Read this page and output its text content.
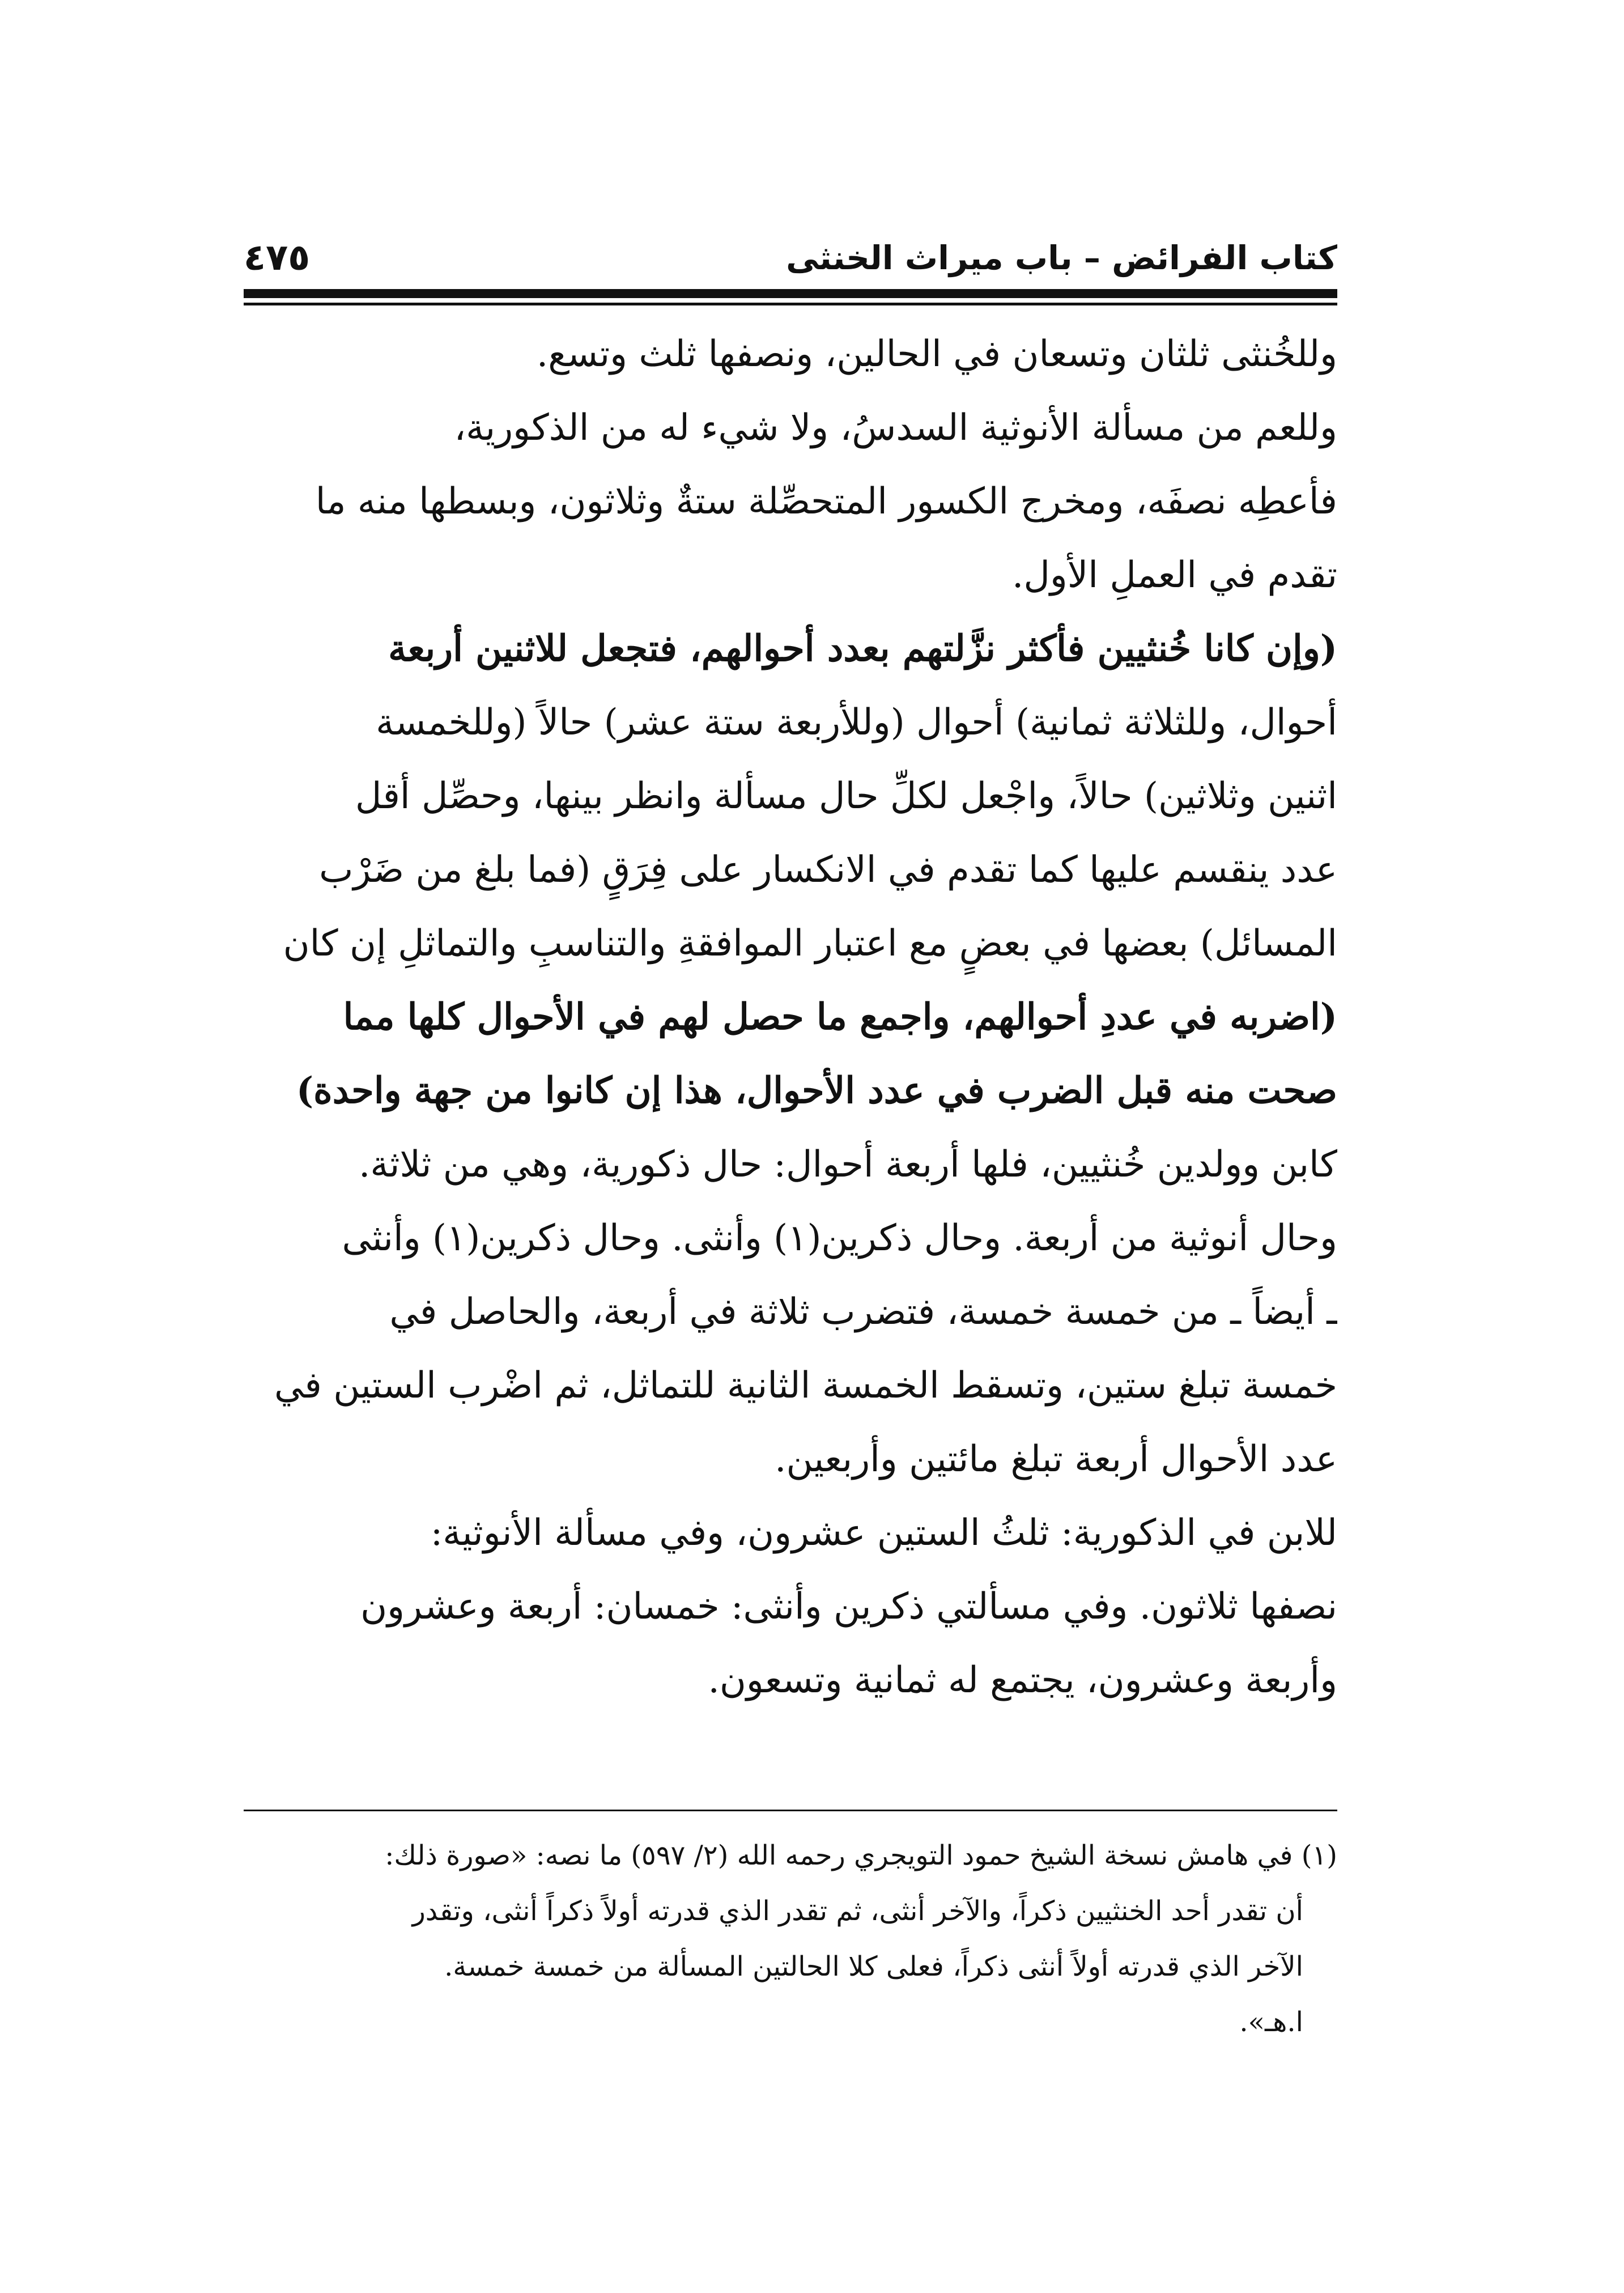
٤٧٥	كتاب الفرائض – باب ميراث الخنثى
وللخُنثى ثلثان وتسعان في الحالين، ونصفها ثلث وتسع.
وللعم من مسألة الأنوثية السدسُ، ولا شيء له من الذكورية،
فأعطِه نصفَه، ومخرج الكسور المتحصِّلة ستةٌ وثلاثون، وبسطها منه ما
تقدم في العملِ الأول.
(وإن كانا خُنثيين فأكثر نزَّلتهم بعدد أحوالهم، فتجعل للاثنين أربعة
أحوال، وللثلاثة ثمانية) أحوال (وللأربعة ستة عشر) حالاً (وللخمسة
اثنين وثلاثين) حالاً، واجْعل لكلِّ حال مسألة وانظر بينها، وحصِّل أقل
عدد ينقسم عليها كما تقدم في الانكسار على فِرَقٍ (فما بلغ من ضَرْب
المسائل) بعضها في بعضٍ مع اعتبار الموافقةِ والتناسبِ والتماثلِ إن كان
(اضربه في عددِ أحوالهم، واجمع ما حصل لهم في الأحوال كلها مما
صحت منه قبل الضرب في عدد الأحوال، هذا إن كانوا من جهة واحدة)
كابن وولدين خُنثيين، فلها أربعة أحوال: حال ذكورية، وهي من ثلاثة.
وحال أنوثية من أربعة. وحال ذكرين(١) وأنثى. وحال ذكرين(١) وأنثى
ـ أيضاً ـ من خمسة خمسة، فتضرب ثلاثة في أربعة، والحاصل في
خمسة تبلغ ستين، وتسقط الخمسة الثانية للتماثل، ثم اضْرب الستين في
عدد الأحوال أربعة تبلغ مائتين وأربعين.
للابن في الذكورية: ثلثُ الستين عشرون، وفي مسألة الأنوثية:
نصفها ثلاثون. وفي مسألتي ذكرين وأنثى: خمسان: أربعة وعشرون
وأربعة وعشرون، يجتمع له ثمانية وتسعون.
(١) في هامش نسخة الشيخ حمود التويجري رحمه الله (٢/ ٥٩٧) ما نصه: «صورة ذلك:
أن تقدر أحد الخنثيين ذكراً، والآخر أنثى، ثم تقدر الذي قدرته أولاً ذكراً أنثى، وتقدر
الآخر الذي قدرته أولاً أنثى ذكراً، فعلى كلا الحالتين المسألة من خمسة خمسة.
ا.هـ».
